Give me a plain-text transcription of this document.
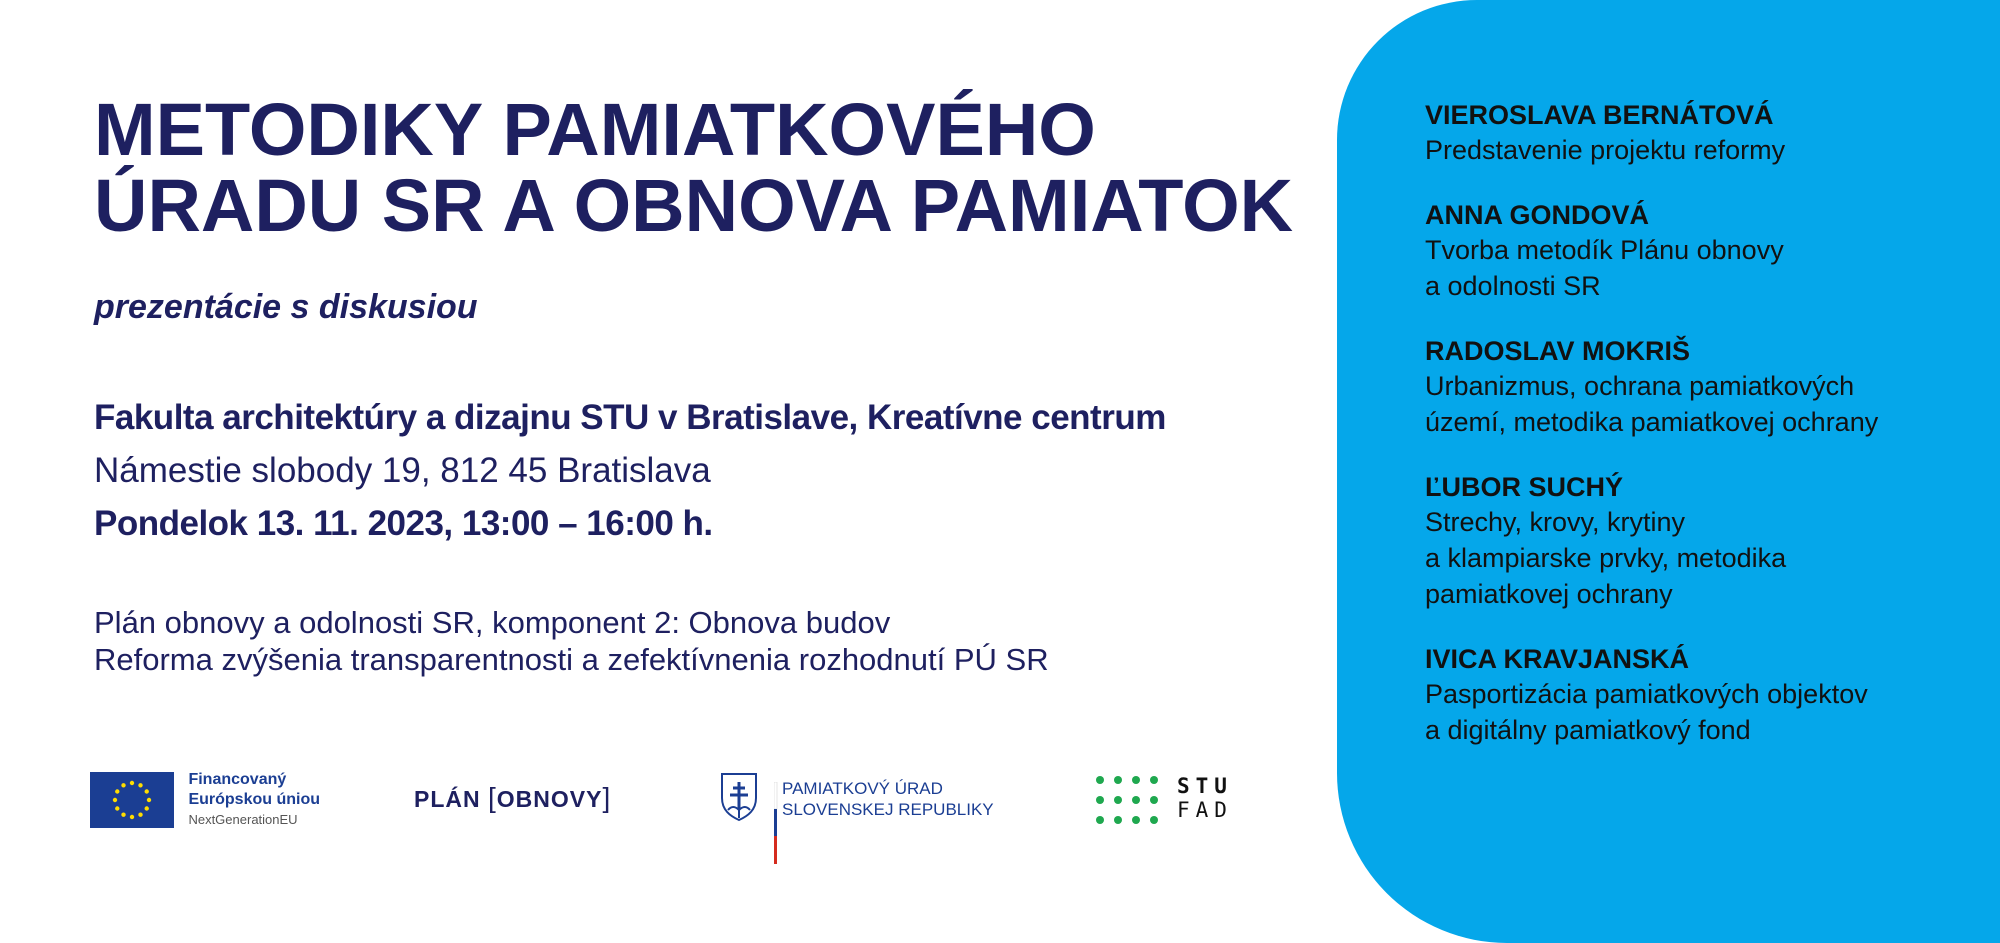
METODIKY PAMIATKOVÉHO
ÚRADU SR A OBNOVA PAMIATOK

prezentácie s diskusiou

Fakulta architektúry a dizajnu STU v Bratislave, Kreatívne centrum
Námestie slobody 19, 812 45 Bratislava
Pondelok 13. 11. 2023, 13:00 – 16:00 h.
Plán obnovy a odolnosti SR, komponent 2: Obnova budov
Reforma zvýšenia transparentnosti a zefektívnenia rozhodnutí PÚ SR

Financovaný
Európskou úniou
NextGenerationEU
PLÁN [OBNOVY]	PAMIATKOVÝ ÚRAD
SLOVENSKEJ REPUBLIKY
STU
FAD
VIEROSLAVA BERNÁTOVÁ
Predstavenie projektu reformy
ANNA GONDOVÁ
Tvorba metodík Plánu obnovy
a odolnosti SR
RADOSLAV MOKRIŠ
Urbanizmus, ochrana pamiatkových
území, metodika pamiatkovej ochrany
ĽUBOR SUCHÝ
Strechy, krovy, krytiny
a klampiarske prvky, metodika
pamiatkovej ochrany
IVICA KRAVJANSKÁ
Pasportizácia pamiatkových objektov
a digitálny pamiatkový fond
